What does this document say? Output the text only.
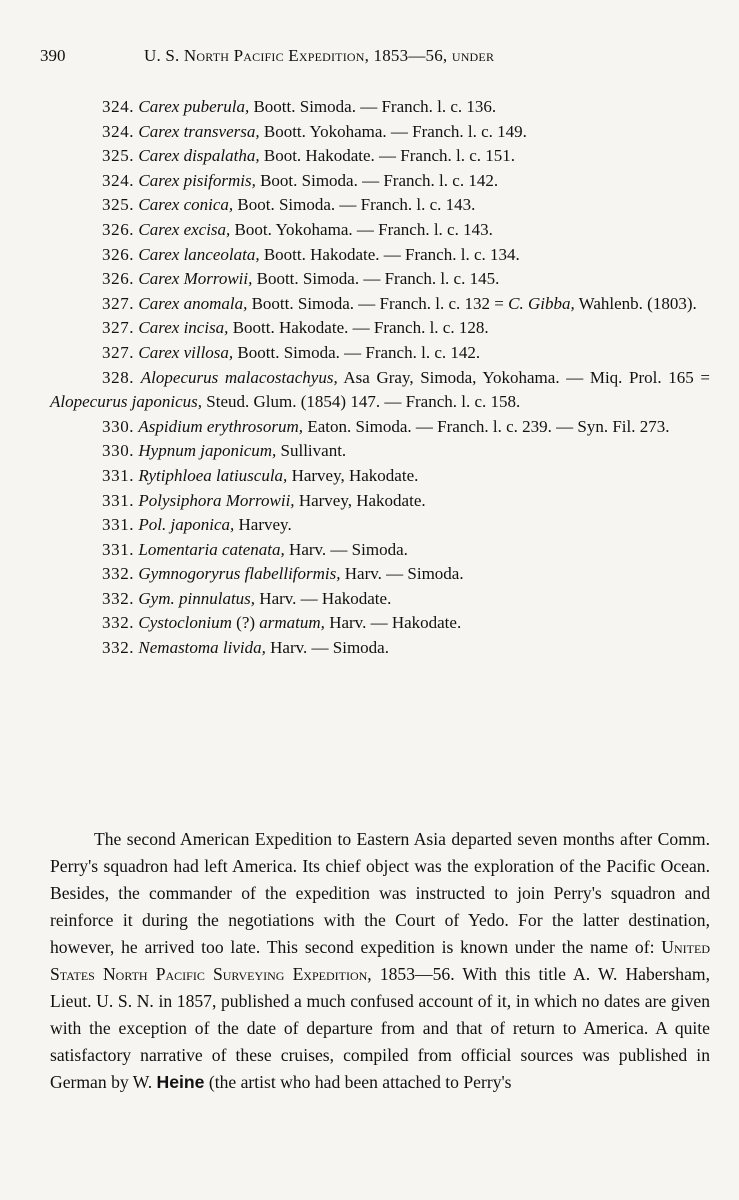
390	U. S. North Pacific Expedition, 1853—56, under

324. Carex puberula, Boott. Simoda. — Franch. l. c. 136.

324. Carex transversa, Boott. Yokohama. — Franch. l. c. 149.

325. Carex dispalatha, Boot. Hakodate. — Franch. l. c. 151.

324. Carex pisiformis, Boot. Simoda. — Franch. l. c. 142.

325. Carex conica, Boot. Simoda. — Franch. l. c. 143.

326. Carex excisa, Boot. Yokohama. — Franch. l. c. 143.

326. Carex lanceolata, Boott. Hakodate. — Franch. l. c. 134.

326. Carex Morrowii, Boott. Simoda. — Franch. l. c. 145.

327. Carex anomala, Boott. Simoda. — Franch. l. c. 132 = C. Gibba, Wahlenb. (1803).

327. Carex incisa, Boott. Hakodate. — Franch. l. c. 128.

327. Carex villosa, Boott. Simoda. — Franch. l. c. 142.

328. Alopecurus malacostachyus, Asa Gray, Simoda, Yokohama. — Miq. Prol. 165 = Alopecurus japonicus, Steud. Glum. (1854) 147. — Franch. l. c. 158.

330. Aspidium erythrosorum, Eaton. Simoda. — Franch. l. c. 239. — Syn. Fil. 273.

330. Hypnum japonicum, Sullivant.

331. Rytiphloea latiuscula, Harvey, Hakodate.

331. Polysiphora Morrowii, Harvey, Hakodate.

331. Pol. japonica, Harvey.

331. Lomentaria catenata, Harv. — Simoda.

332. Gymnogoryrus flabelliformis, Harv. — Simoda.

332. Gym. pinnulatus, Harv. — Hakodate.

332. Cystoclonium (?) armatum, Harv. — Hakodate.

332. Nemastoma livida, Harv. — Simoda.

The second American Expedition to Eastern Asia departed seven months after Comm. Perry's squadron had left America. Its chief object was the exploration of the Pacific Ocean. Besides, the commander of the expedition was instructed to join Perry's squadron and reinforce it during the negotiations with the Court of Yedo. For the latter destination, however, he arrived too late. This second expedition is known under the name of: United States North Pacific Surveying Expedition, 1853—56. With this title A. W. Habersham, Lieut. U. S. N. in 1857, published a much confused account of it, in which no dates are given with the exception of the date of departure from and that of return to America. A quite satisfactory narrative of these cruises, compiled from official sources was published in German by W. Heine (the artist who had been attached to Perry's
